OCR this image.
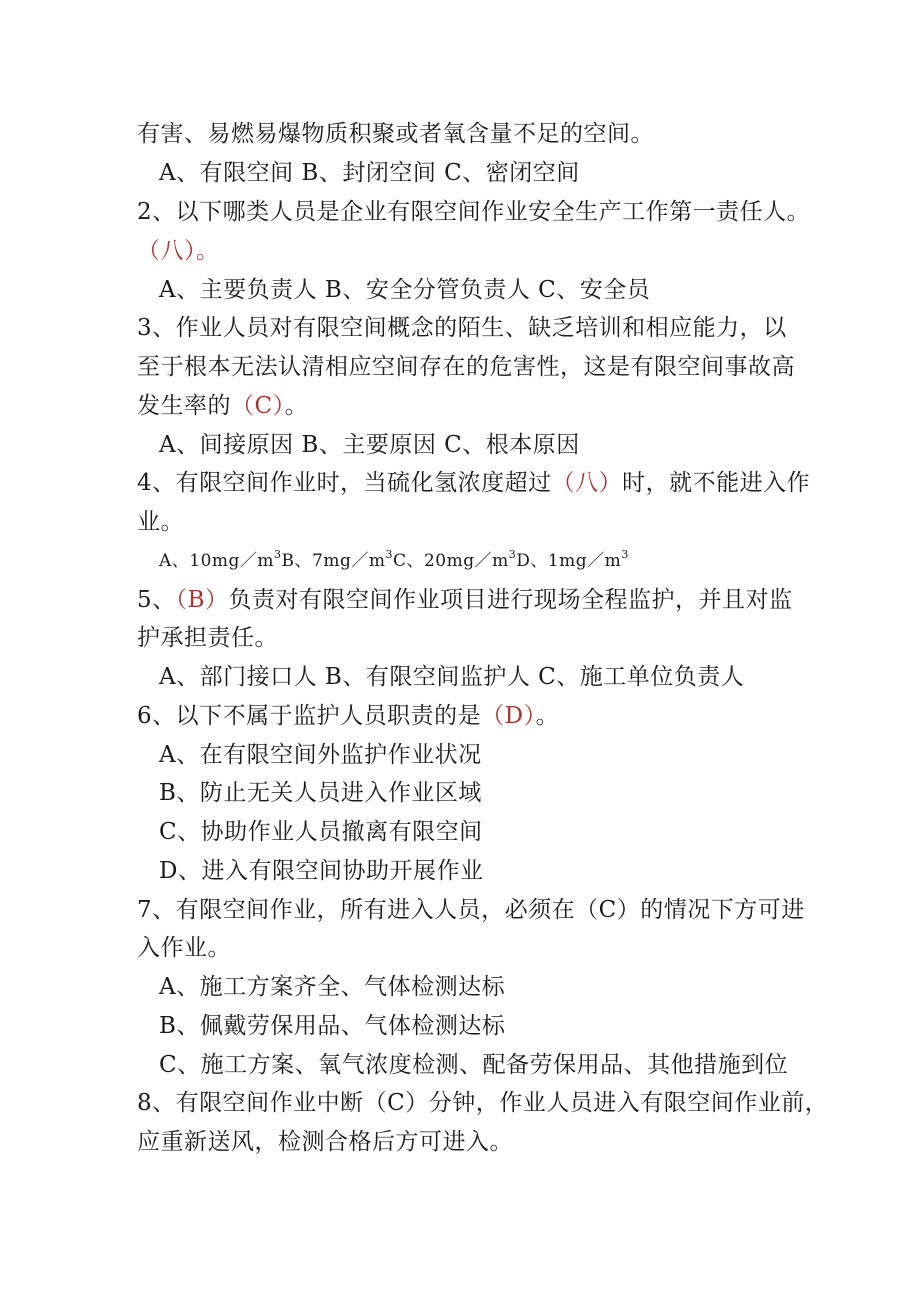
有害、易燃易爆物质积聚或者氧含量不足的空间。
A、有限空间 B、封闭空间 C、密闭空间
2、以下哪类人员是企业有限空间作业安全生产工作第一责任人。
（八）。
A、主要负责人 B、安全分管负责人 C、安全员
3、作业人员对有限空间概念的陌生、缺乏培训和相应能力，以
至于根本无法认清相应空间存在的危害性，这是有限空间事故高
发生率的（C）。
A、间接原因 B、主要原因 C、根本原因
4、有限空间作业时，当硫化氢浓度超过（八）时，就不能进入作
业。
A、$10mg/m^3B$、$7mg/m^3C$、$20mg/m^3D$、$1mg/m^3$
5、（B）负责对有限空间作业项目进行现场全程监护，并且对监
护承担责任。
A、部门接口人 B、有限空间监护人 C、施工单位负责人
6、以下不属于监护人员职责的是（D）。
A、在有限空间外监护作业状况
B、防止无关人员进入作业区域
C、协助作业人员撤离有限空间
D、进入有限空间协助开展作业
7、有限空间作业，所有进入人员，必须在（C）的情况下方可进
入作业。
A、施工方案齐全、气体检测达标
B、佩戴劳保用品、气体检测达标
C、施工方案、氧气浓度检测、配备劳保用品、其他措施到位
8、有限空间作业中断（C）分钟，作业人员进入有限空间作业前，
应重新送风，检测合格后方可进入。
